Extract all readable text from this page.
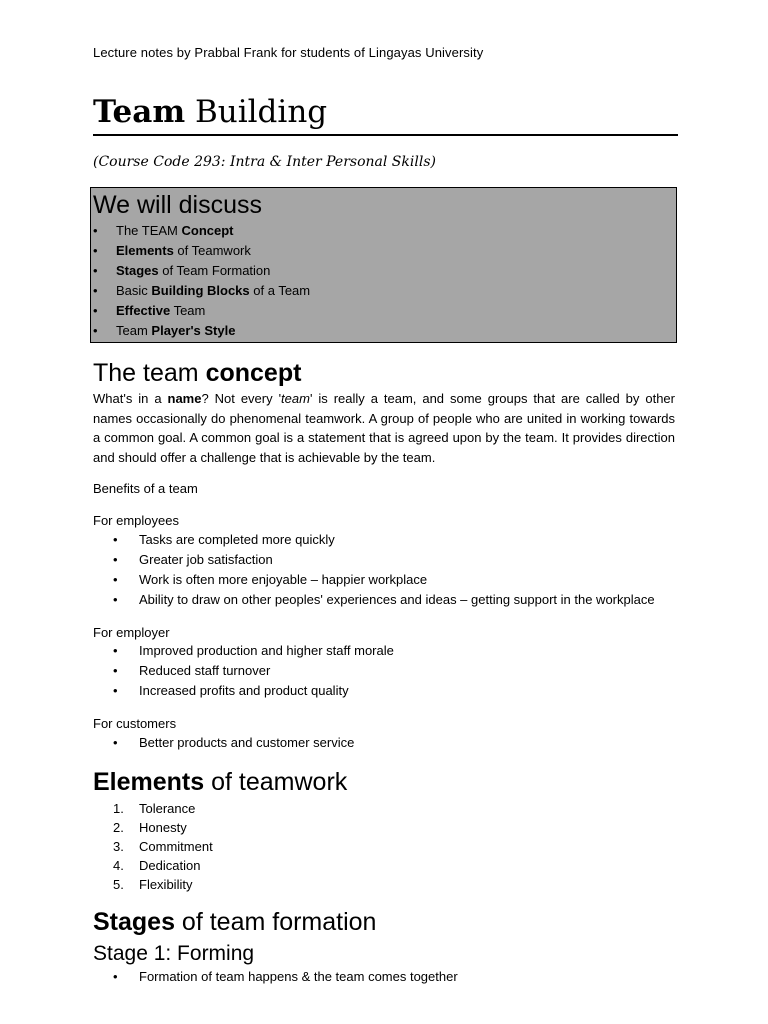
Lecture notes by Prabbal Frank for students of Lingayas University
Team Building
(Course Code 293: Intra & Inter Personal Skills)
We will discuss
• The TEAM Concept
• Elements of Teamwork
• Stages of Team Formation
• Basic Building Blocks of a Team
• Effective Team
• Team Player's Style
The team concept
What's in a name? Not every 'team' is really a team, and some groups that are called by other names occasionally do phenomenal teamwork. A group of people who are united in working towards a common goal. A common goal is a statement that is agreed upon by the team. It provides direction and should offer a challenge that is achievable by the team.
Benefits of a team
For employees
• Tasks are completed more quickly
• Greater job satisfaction
• Work is often more enjoyable – happier workplace
• Ability to draw on other peoples' experiences and ideas – getting support in the workplace
For employer
• Improved production and higher staff morale
• Reduced staff turnover
• Increased profits and product quality
For customers
• Better products and customer service
Elements of teamwork
1. Tolerance
2. Honesty
3. Commitment
4. Dedication
5. Flexibility
Stages of team formation
Stage 1: Forming
• Formation of team happens & the team comes together
